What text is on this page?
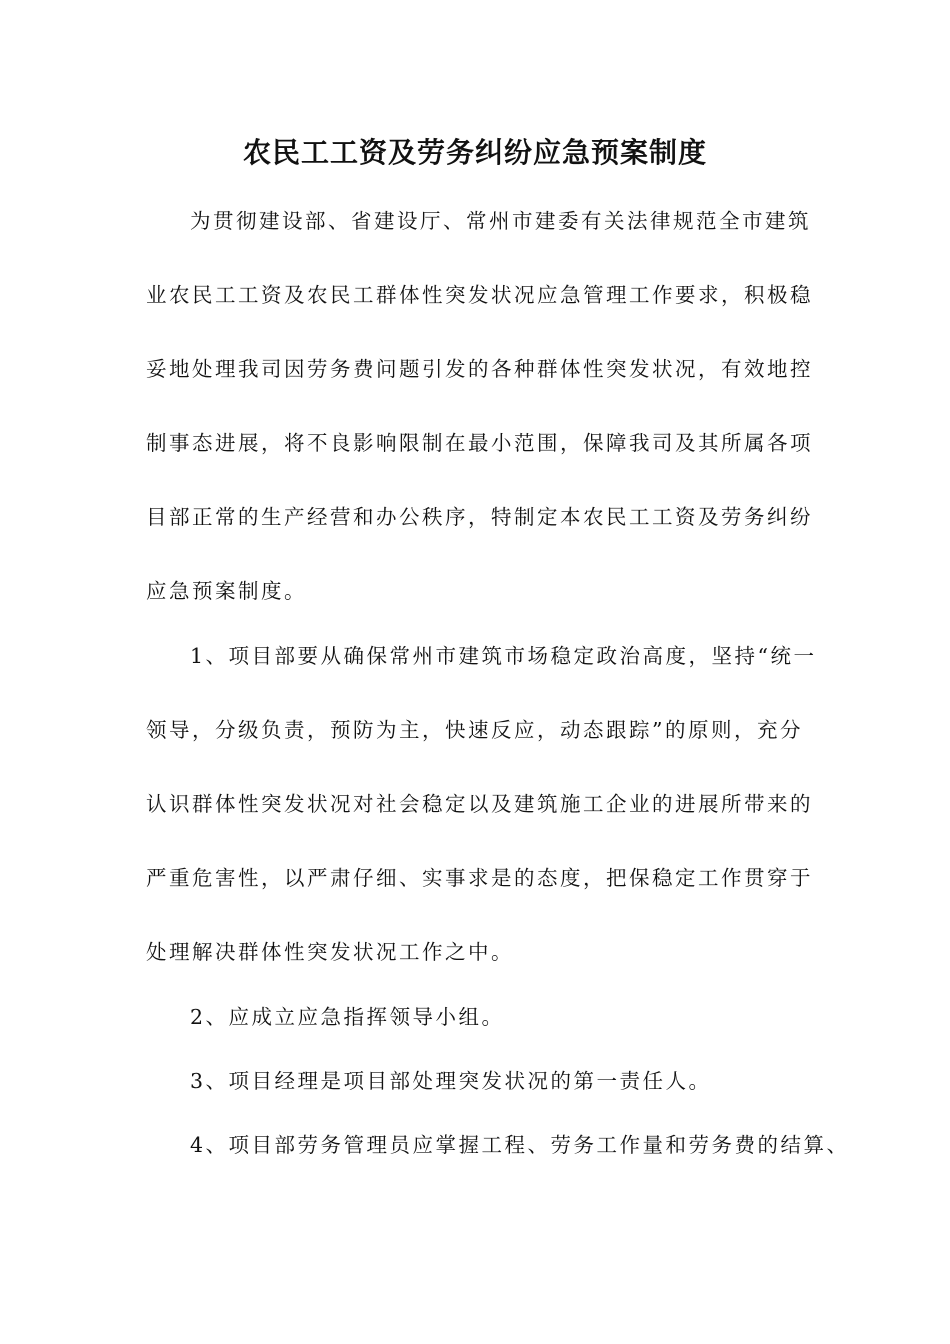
农民工工资及劳务纠纷应急预案制度

为贯彻建设部、省建设厅、常州市建委有关法律规范全市建筑

业农民工工资及农民工群体性突发状况应急管理工作要求，积极稳

妥地处理我司因劳务费问题引发的各种群体性突发状况，有效地控

制事态进展，将不良影响限制在最小范围，保障我司及其所属各项

目部正常的生产经营和办公秩序，特制定本农民工工资及劳务纠纷

应急预案制度。

1、项目部要从确保常州市建筑市场稳定政治高度，坚持“统一

领导，分级负责，预防为主，快速反应，动态跟踪”的原则，充分

认识群体性突发状况对社会稳定以及建筑施工企业的进展所带来的

严重危害性，以严肃仔细、实事求是的态度，把保稳定工作贯穿于

处理解决群体性突发状况工作之中。

2、应成立应急指挥领导小组。

3、项目经理是项目部处理突发状况的第一责任人。

4、项目部劳务管理员应掌握工程、劳务工作量和劳务费的结算、
